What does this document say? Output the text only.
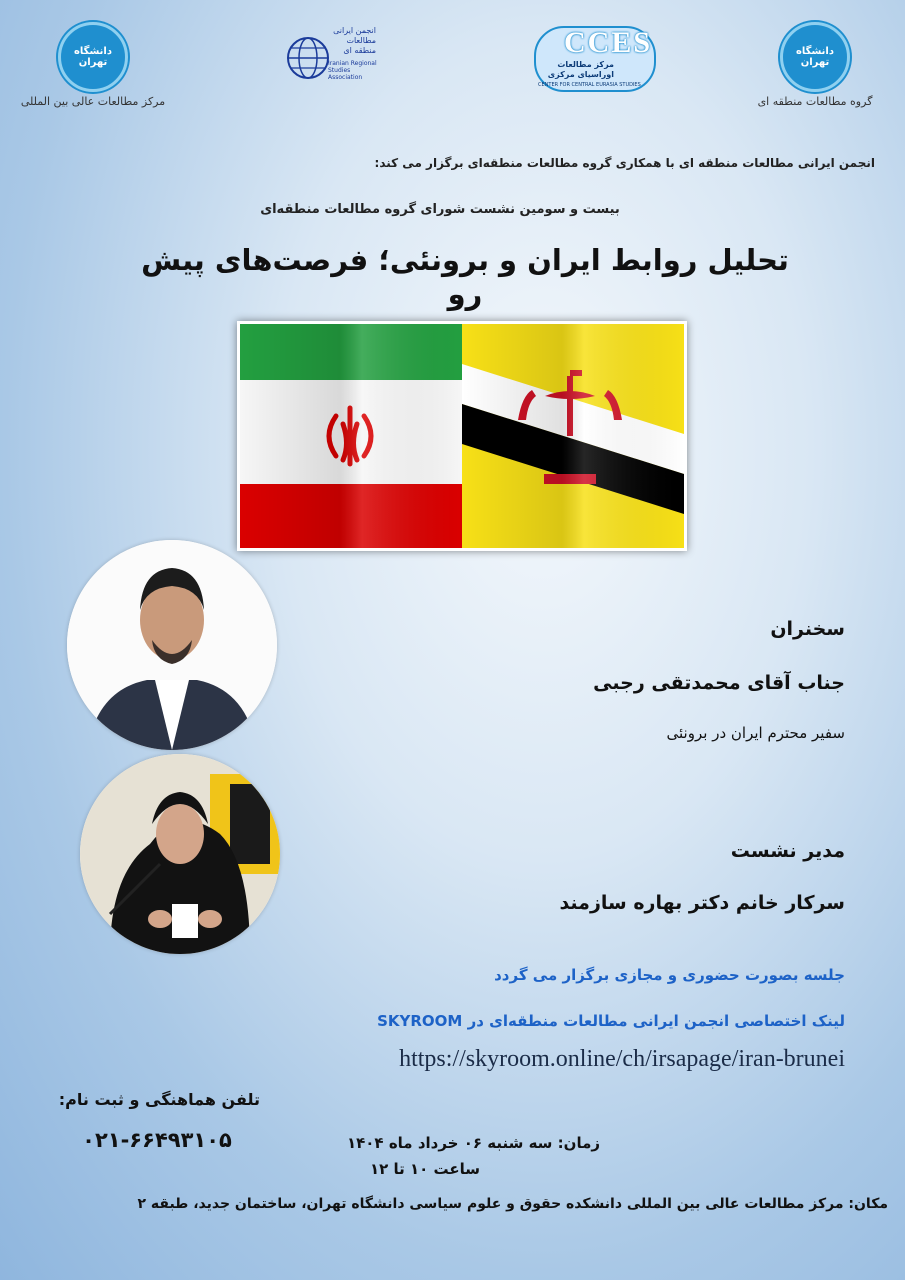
دانشگاه تهران
مرکز مطالعات عالی بین المللی
انجمن ایرانی مطالعات منطقه ای
Iranian Regional Studies Association
CCES
مرکز مطالعات اوراسیای مرکزی
CENTER FOR CENTRAL EURASIA STUDIES
دانشگاه تهران
گروه مطالعات منطقه ای
انجمن ایرانی مطالعات منطقه ای با همکاری گروه مطالعات منطقه‌ای برگزار می کند:
بیست و سومین نشست شورای گروه مطالعات منطقه‌ای
تحلیل روابط ایران و برونئی؛ فرصت‌های پیش رو
سخنران
جناب آقای محمدتقی رجبی
سفیر محترم ایران در برونئی
مدیر نشست
سرکار خانم دکتر بهاره سازمند
جلسه بصورت حضوری و مجازی برگزار می گردد
لینک اختصاصی انجمن ایرانی مطالعات منطقه‌ای در SKYROOM
https://skyroom.online/ch/irsapage/iran-brunei
تلفن هماهنگی و ثبت نام:
۰۲۱-۶۶۴۹۳۱۰۵	زمان: سه شنبه ۰۶ خرداد ماه ۱۴۰۴
ساعت ۱۰ تا ۱۲
مکان: مرکز مطالعات عالی بین المللی دانشکده حقوق و علوم سیاسی دانشگاه تهران، ساختمان جدید، طبقه ۲
